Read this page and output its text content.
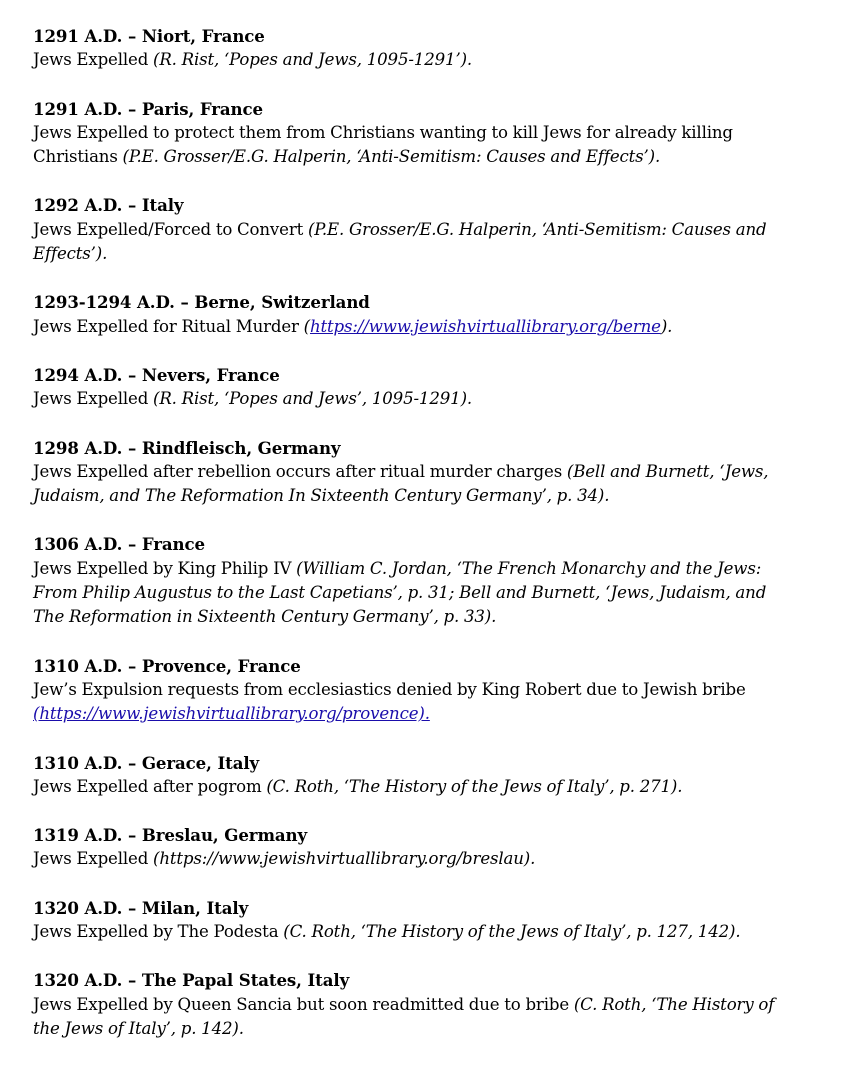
1291 A.D. – Niort, France
Jews Expelled (R. Rist, ‘Popes and Jews, 1095-1291’).
1291 A.D. – Paris, France
Jews Expelled to protect them from Christians wanting to kill Jews for already killing
Christians (P.E. Grosser/E.G. Halperin, ‘Anti-Semitism: Causes and Effects’).
1292 A.D. – Italy
Jews Expelled/Forced to Convert (P.E. Grosser/E.G. Halperin, ‘Anti-Semitism: Causes and
Effects’).
1293-1294 A.D. – Berne, Switzerland
Jews Expelled for Ritual Murder (https://www.jewishvirtuallibrary.org/berne).
1294 A.D. – Nevers, France
Jews Expelled (R. Rist, ‘Popes and Jews’, 1095-1291).
1298 A.D. – Rindfleisch, Germany
Jews Expelled after rebellion occurs after ritual murder charges (Bell and Burnett, ‘Jews,
Judaism, and The Reformation In Sixteenth Century Germany’, p. 34).
1306 A.D. – France
Jews Expelled by King Philip IV (William C. Jordan, ‘The French Monarchy and the Jews:
From Philip Augustus to the Last Capetians’, p. 31; Bell and Burnett, ‘Jews, Judaism, and
The Reformation in Sixteenth Century Germany’, p. 33).
1310 A.D. – Provence, France
Jew’s Expulsion requests from ecclesiastics denied by King Robert due to Jewish bribe
(https://www.jewishvirtuallibrary.org/provence).
1310 A.D. – Gerace, Italy
Jews Expelled after pogrom (C. Roth, ‘The History of the Jews of Italy’, p. 271).
1319 A.D. – Breslau, Germany
Jews Expelled (https://www.jewishvirtuallibrary.org/breslau).
1320 A.D. – Milan, Italy
Jews Expelled by The Podesta (C. Roth, ‘The History of the Jews of Italy’, p. 127, 142).
1320 A.D. – The Papal States, Italy
Jews Expelled by Queen Sancia but soon readmitted due to bribe (C. Roth, ‘The History of
the Jews of Italy’, p. 142).
